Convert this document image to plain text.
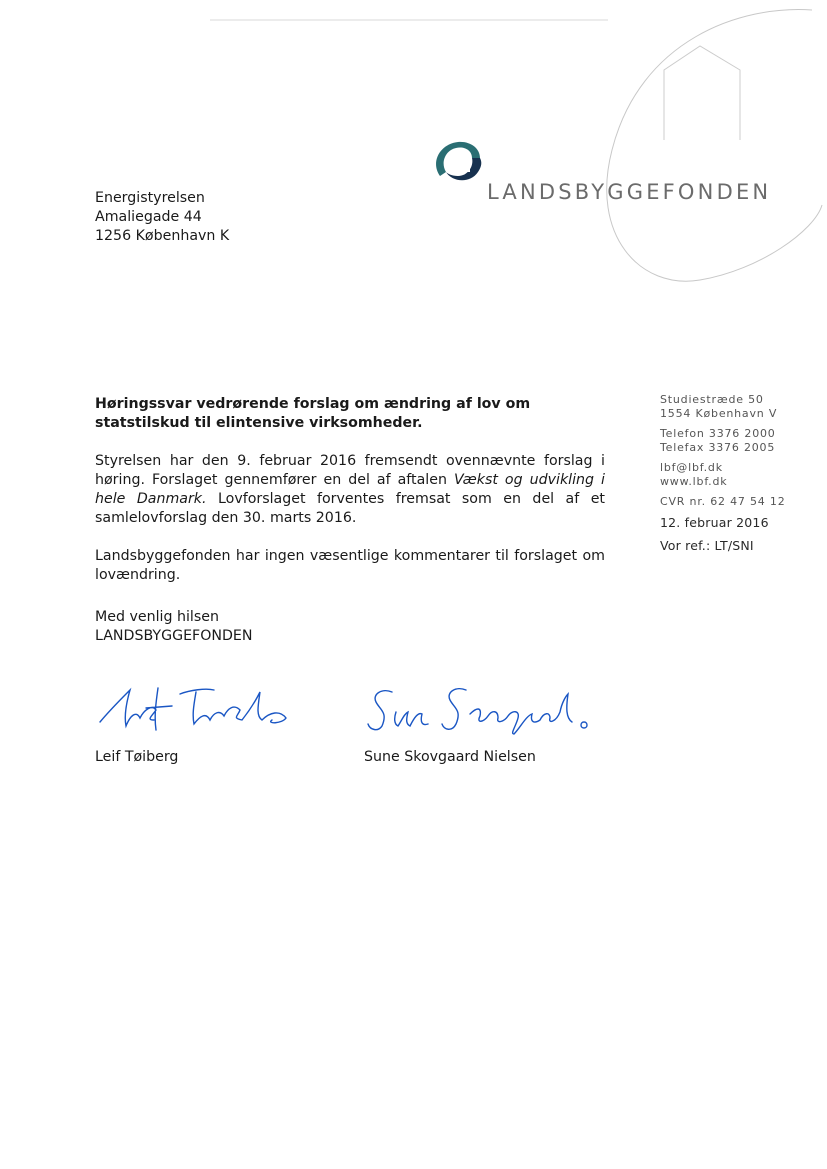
LANDSBYGGEFONDEN
Energistyrelsen
Amaliegade 44
1256 København K
Studiestræde 50
1554 København V
Telefon 3376 2000
Telefax 3376 2005
lbf@lbf.dk
www.lbf.dk
CVR nr. 62 47 54 12
12. februar 2016
Vor ref.: LT/SNI
Høringssvar vedrørende forslag om ændring af lov om statstilskud til elintensive virksomheder.

Styrelsen har den 9. februar 2016 fremsendt ovennævnte forslag i høring. Forslaget gennemfører en del af aftalen Vækst og udvikling i hele Danmark. Lovforslaget forventes fremsat som en del af et samlelovforslag den 30. marts 2016.

Landsbyggefonden har ingen væsentlige kommentarer til forslaget om lovændring.

Med venlig hilsen
LANDSBYGGEFONDEN
Leif Tøiberg	Sune Skovgaard Nielsen
